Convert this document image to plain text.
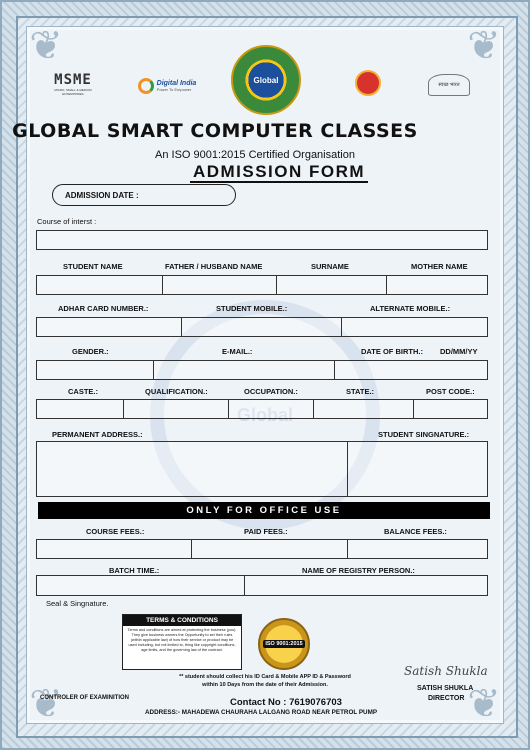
❦	❦
❦	❦
Global
MSME
MICRO, SMALL & MEDIUM ENTERPRISES
Digital India
Power To Empower
Global
स्वच्छ भारत
GLOBAL SMART COMPUTER CLASSES
An ISO 9001:2015 Certified Organisation
ADMISSION FORM
ADMISSION DATE :
Course of interst :
STUDENT NAME	FATHER / HUSBAND NAME	SURNAME	MOTHER NAME
ADHAR CARD NUMBER.:	STUDENT MOBILE.:	ALTERNATE MOBILE.:
GENDER.:	E-MAIL.:	DATE OF BIRTH.: DD/MM/YY
CASTE.:	QUALIFICATION.:	OCCUPATION.:	STATE.:	POST CODE.:
PERMANENT ADDRESS.:	STUDENT SINGNATURE.:
ONLY FOR OFFICE USE
COURSE FEES.:	PAID FEES.:	BALANCE FEES.:
BATCH TIME.:	NAME OF REGISTRY PERSON.:
Seal & Singnature.
TERMS & CONDITIONS
Terms and conditions are aimed at protecting the business (you). They give business owners the Opportunity to set their rules (within applicable law) of how their service or product may be used including, but not limited to, thing like copyright conditions, age limits, and the governing law of the contract.
ISO 9001:2015
** student should collect his ID Card & Mobile APP ID & Password
within 10 Days from the date of their Admission.
CONTROLER OF EXAMINITION	Contact No : 7619076703
ADDRESS:- MAHADEWA CHAURAHA LALGANG ROAD NEAR PETROL PUMP
Satish Shukla
SATISH SHUKLA
DIRECTOR
